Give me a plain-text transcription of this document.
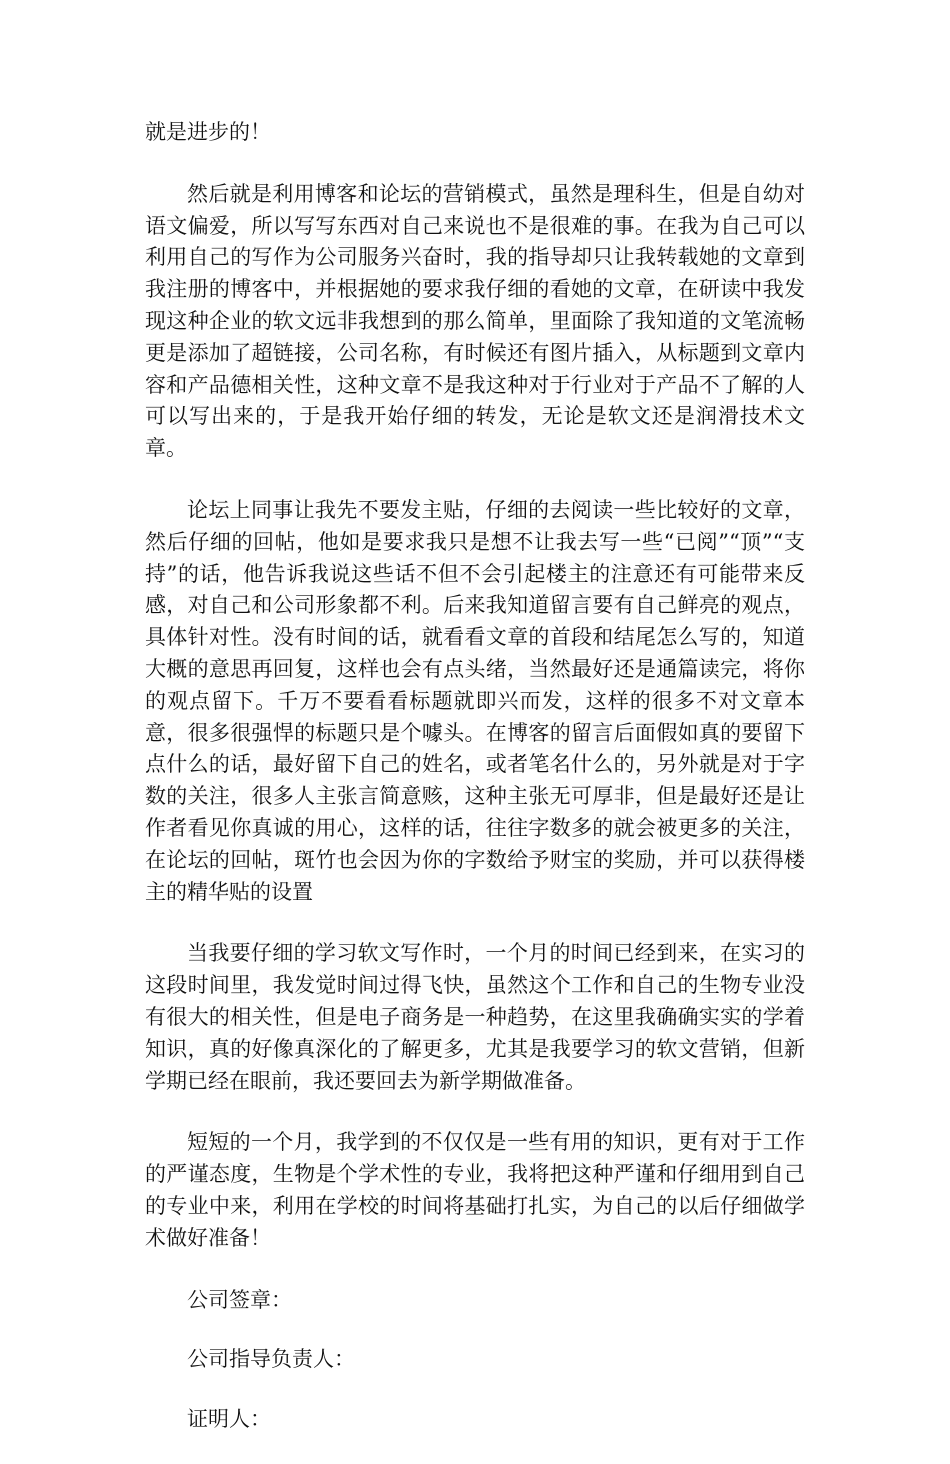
就是进步的！

然后就是利用博客和论坛的营销模式，虽然是理科生，但是自幼对语文偏爱，所以写写东西对自己来说也不是很难的事。在我为自己可以利用自己的写作为公司服务兴奋时，我的指导却只让我转载她的文章到我注册的博客中，并根据她的要求我仔细的看她的文章，在研读中我发现这种企业的软文远非我想到的那么简单，里面除了我知道的文笔流畅更是添加了超链接，公司名称，有时候还有图片插入，从标题到文章内容和产品德相关性，这种文章不是我这种对于行业对于产品不了解的人可以写出来的，于是我开始仔细的转发，无论是软文还是润滑技术文章。

论坛上同事让我先不要发主贴，仔细的去阅读一些比较好的文章，然后仔细的回帖，他如是要求我只是想不让我去写一些“已阅”“顶”“支持”的话，他告诉我说这些话不但不会引起楼主的注意还有可能带来反感，对自己和公司形象都不利。后来我知道留言要有自己鲜亮的观点，具体针对性。没有时间的话，就看看文章的首段和结尾怎么写的，知道大概的意思再回复，这样也会有点头绪，当然最好还是通篇读完，将你的观点留下。千万不要看看标题就即兴而发，这样的很多不对文章本意，很多很强悍的标题只是个噱头。在博客的留言后面假如真的要留下点什么的话，最好留下自己的姓名，或者笔名什么的，另外就是对于字数的关注，很多人主张言简意赅，这种主张无可厚非，但是最好还是让作者看见你真诚的用心，这样的话，往往字数多的就会被更多的关注，在论坛的回帖，斑竹也会因为你的字数给予财宝的奖励，并可以获得楼主的精华贴的设置

当我要仔细的学习软文写作时，一个月的时间已经到来，在实习的这段时间里，我发觉时间过得飞快，虽然这个工作和自己的生物专业没有很大的相关性，但是电子商务是一种趋势，在这里我确确实实的学着知识，真的好像真深化的了解更多，尤其是我要学习的软文营销，但新学期已经在眼前，我还要回去为新学期做准备。

短短的一个月，我学到的不仅仅是一些有用的知识，更有对于工作的严谨态度，生物是个学术性的专业，我将把这种严谨和仔细用到自己的专业中来，利用在学校的时间将基础打扎实，为自己的以后仔细做学术做好准备！

公司签章：

公司指导负责人：

证明人：
